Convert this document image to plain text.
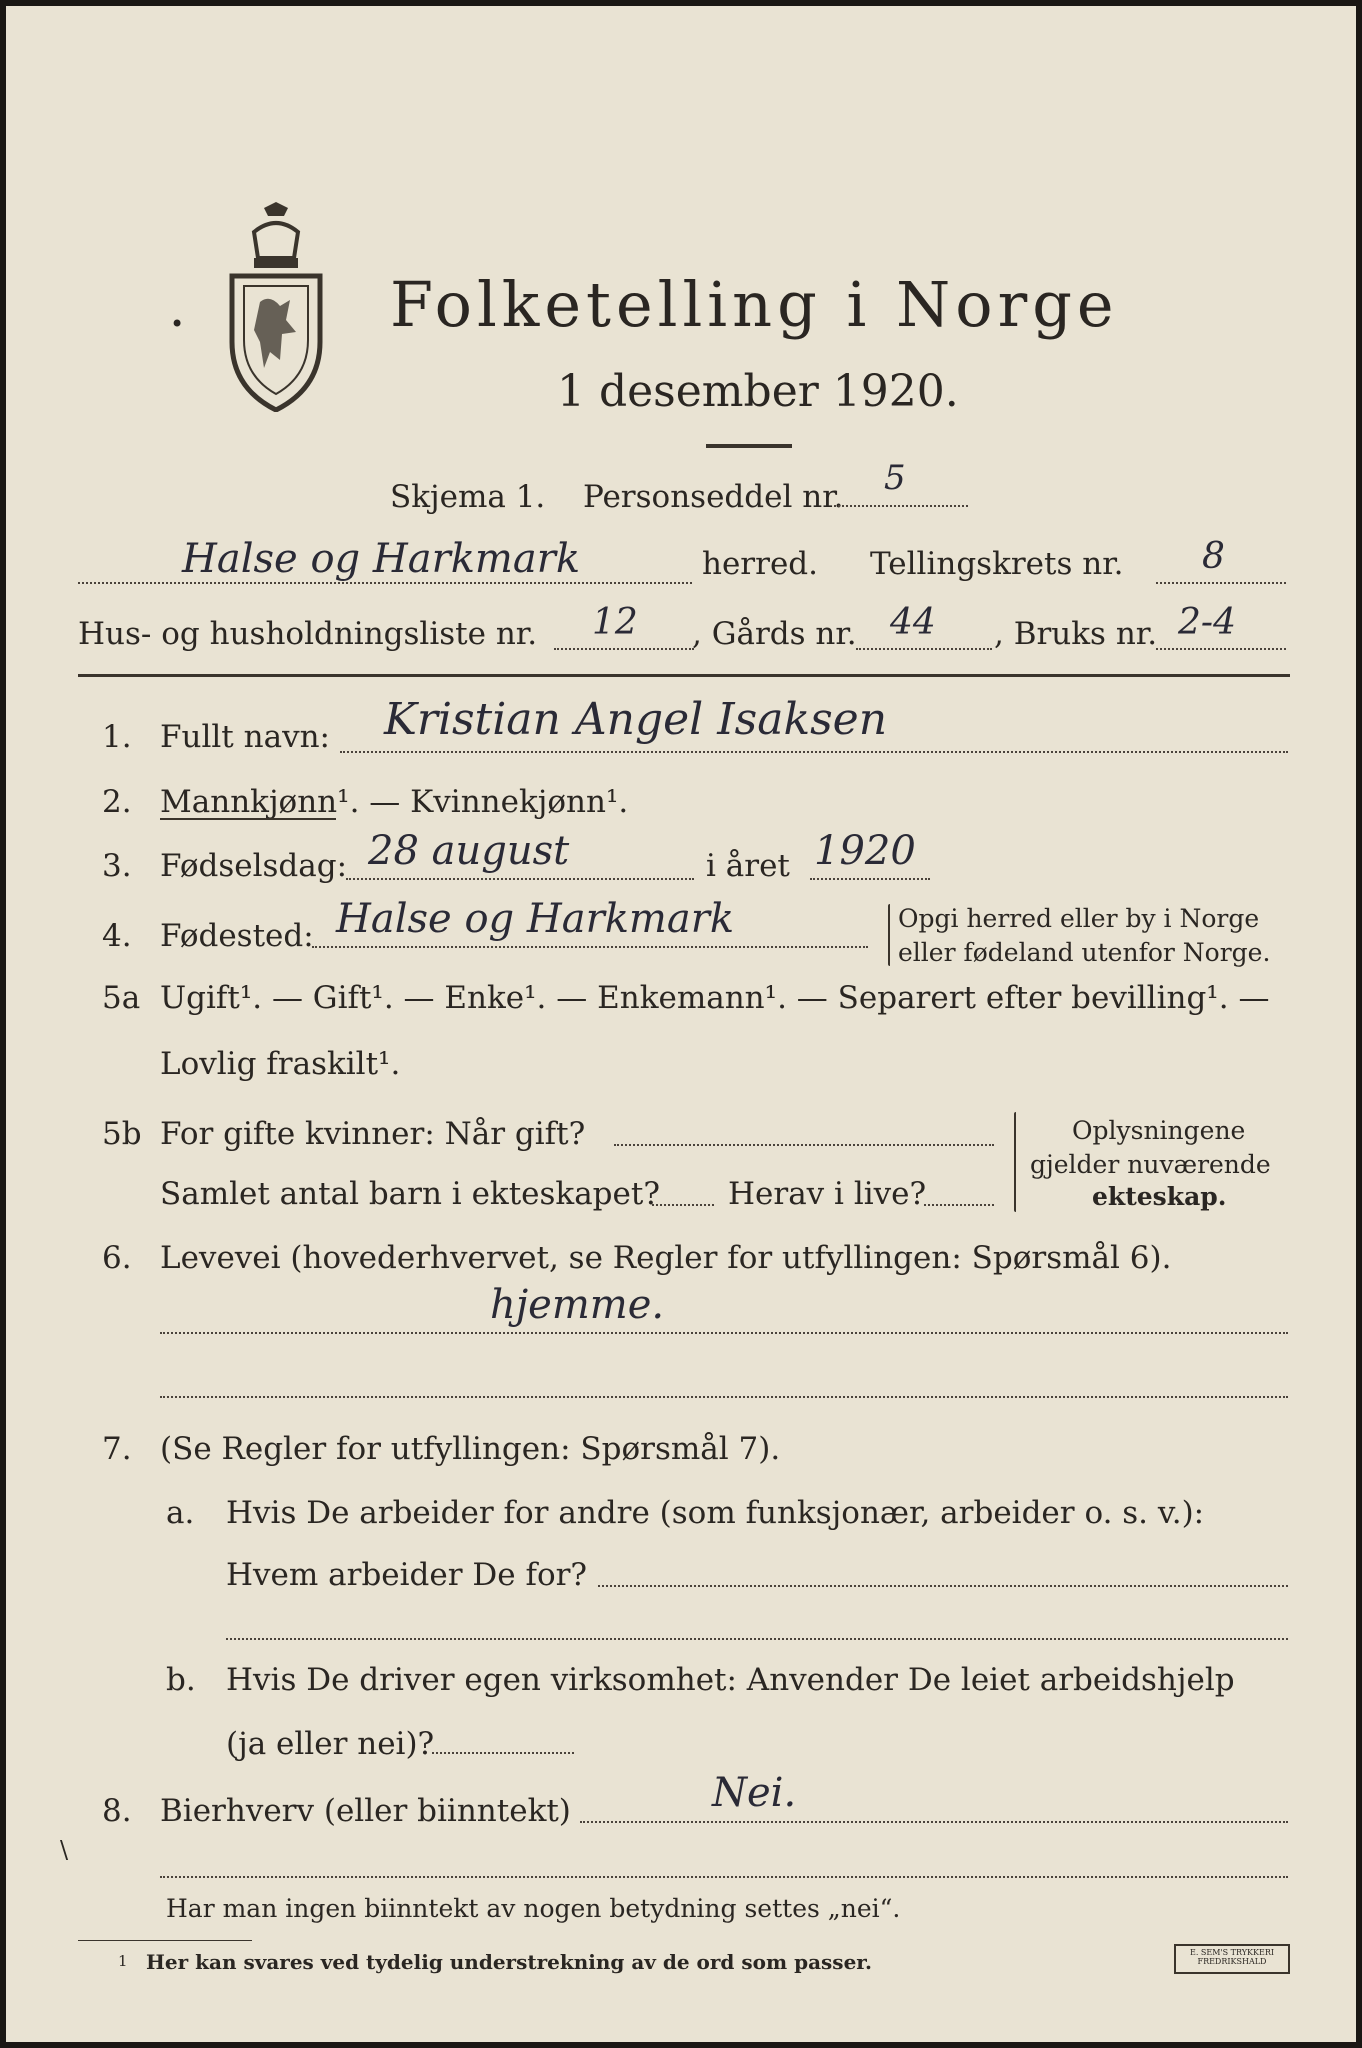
•	Folketelling i Norge
1 desember 1920.
Skjema 1. Personseddel nr. 5
Halse og Harkmark	herred. Tellingskrets nr. 8
Hus- og husholdningsliste nr. 12 , Gårds nr. 44 , Bruks nr. 2-4
1. Fullt navn: Kristian Angel Isaksen
2. Mannkjønn¹. — Kvinnekjønn¹.
3. Fødselsdag: 28 august	i året 1920
4. Fødested: Halse og Harkmark	Opgi herred eller by i Norge
eller fødeland utenfor Norge.
5a Ugift¹. — Gift¹. — Enke¹. — Enkemann¹. — Separert efter bevilling¹. —
Lovlig fraskilt¹.
5b For gifte kvinner: Når gift?
Samlet antal barn i ekteskapet? Herav i live?
Oplysningene
gjelder nuværende
ekteskap.
6. Levevei (hovederhvervet, se Regler for utfyllingen: Spørsmål 6).
hjemme.
7. (Se Regler for utfyllingen: Spørsmål 7).
a. Hvis De arbeider for andre (som funksjonær, arbeider o. s. v.):
Hvem arbeider De for?
b. Hvis De driver egen virksomhet: Anvender De leiet arbeidshjelp
(ja eller nei)?
8. Bierhverv (eller biinntekt)	Nei.
\
Har man ingen biinntekt av nogen betydning settes „nei“.
1 Her kan svares ved tydelig understrekning av de ord som passer.	E. SEM'S TRYKKERI FREDRIKSHALD
